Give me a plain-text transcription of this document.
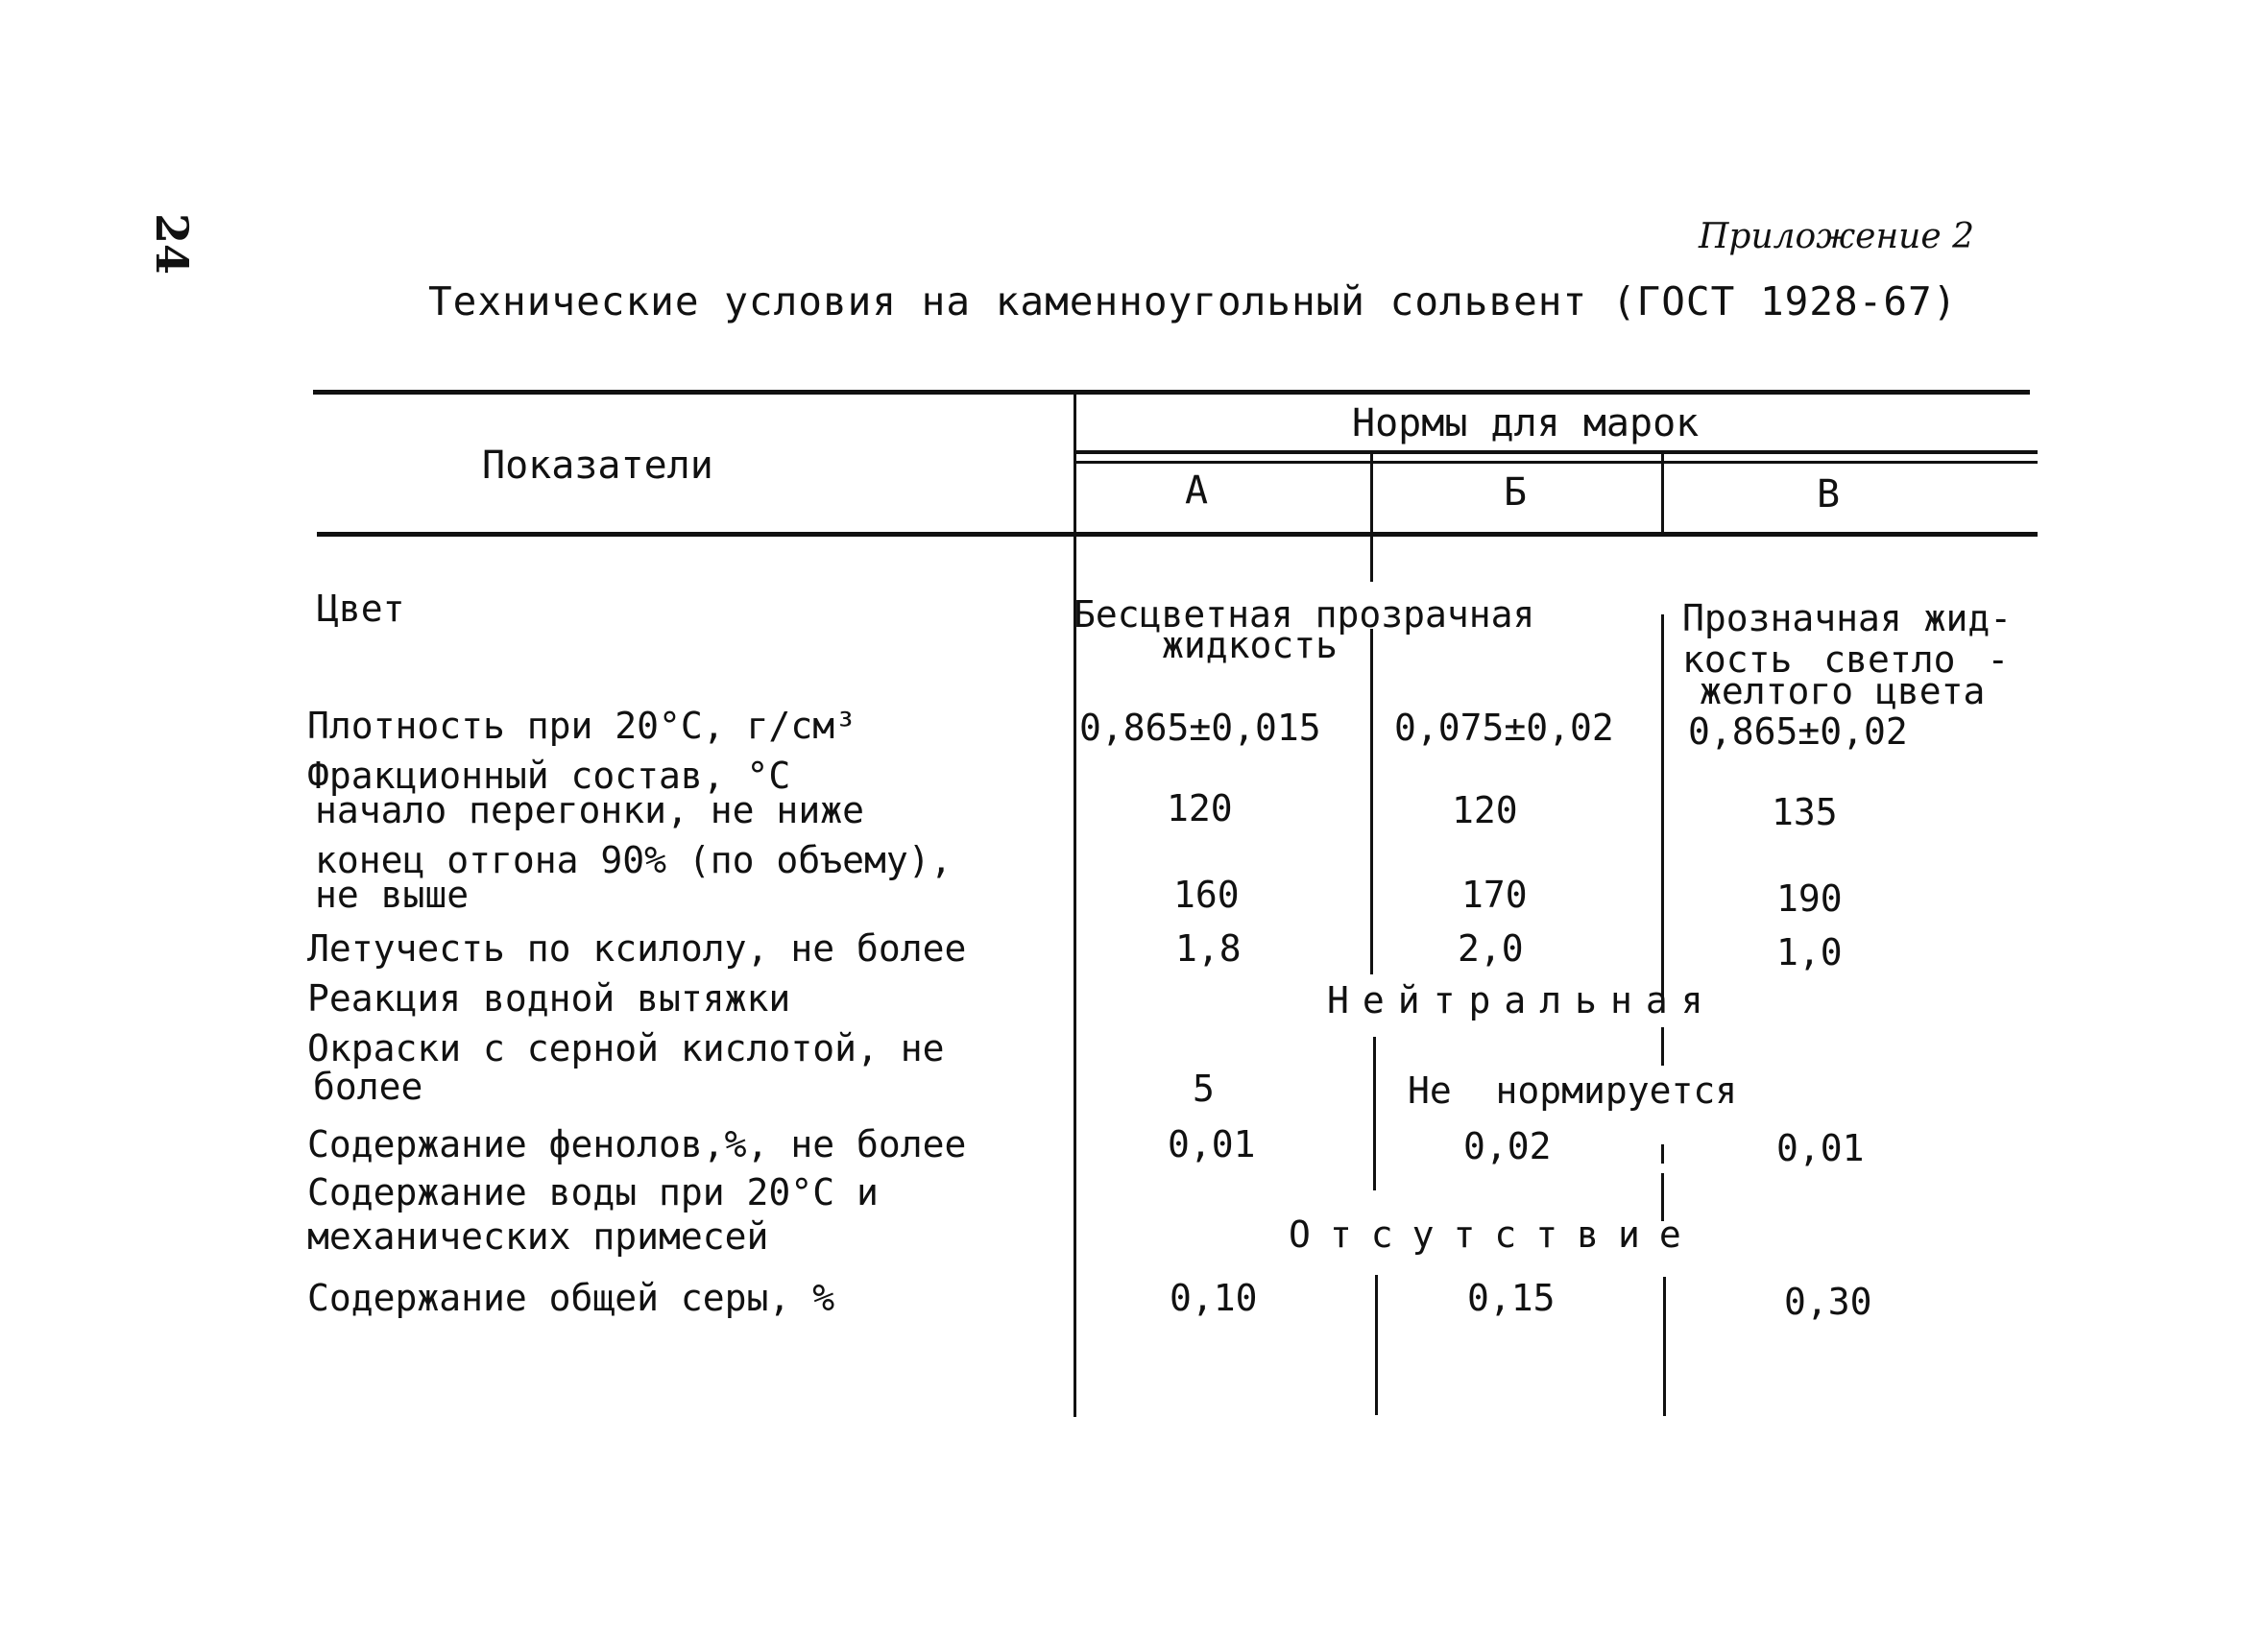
24	Приложение 2
Технические условия на каменноугольный сольвент (ГОСТ 1928-67)
Показатели
Нормы для марок
А	Б	В
Цвет	Бесцветная прозрачная
жидкость
Прозначная жид-
кость светло -
желтого цвета
Плотность при 20°С, г/см³	0,865±0,015 0,075±0,02 0,865±0,02
Фракционный состав, °С
начало перегонки, не ниже	120	120	135
конец отгона 90% (по объему),
не выше	160	170	190
Летучесть по ксилолу, не более	1,8	2,0	1,0
Реакция водной вытяжки	Нейтральная
Окраски с серной кислотой, не
более	5	Не  нормируется
Содержание фенолов,%, не более	0,01	0,02	0,01
Содержание воды при 20°С и
механических примесей	Отсутствие
Содержание общей серы, %	0,10	0,15	0,30
